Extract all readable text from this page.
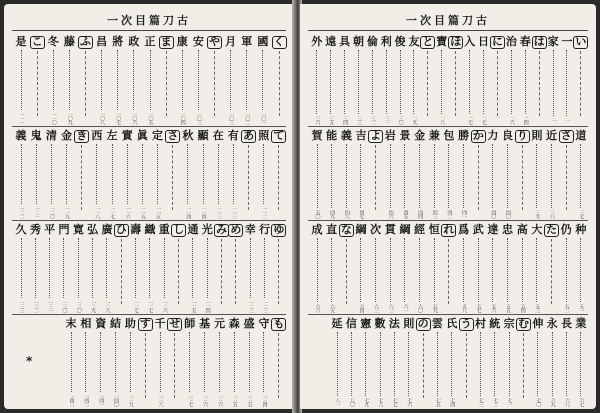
一次目篇刀古
く
國
一〇一
軍
一〇二
月
一〇三
や
安
一〇三
康
一〇四
ま
正
一〇五
政
一〇六
將
一〇七
昌
一〇八
ふ
藤
一〇九
冬
一一〇
こ
是
一一一
て
照
一一二
あ
有
一一三
在
一一三
顯
一一四
秋
一一四
さ
定
一一五
眞
一一五
實
一一六
左
一一七
西
一一八
き
金
一一九
清
一二〇
鬼
一二一
義
一二二
ゆ
行
一二三
幸
一二三
め
み
光
一二四
通
一二五
し
重
一二六
織
一二七
壽
一二七
ひ
廣
一二八
弘
一二九
寛
一三〇
門
一三〇
平
一三一
秀
一三二
久
一三三
も
守
一三四
盛
一三五
森
一三五
元
一三六
基
一三六
師
一三七
せ
千
一三八
す
助
一三九
結
一四〇
資
一四一
相
一四二
末
一四三
*
一次目篇刀古
い
一
一
家
一
は
春
二四
治
二六
に
日
二七
入
二七
ほ
寶
二八
と
友
二九
俊
三〇
利
三一
倫
三二
朝
三三
具
三四
遠
三五
外
三六
道
三七
さ
近
三八
則
三九
り
良
四〇
力
四〇
か
勝
四一
包
四二
兼
四三
金
四四
景
四五
岩
四六
よ
吉
四七
義
四八
能
四九
賀
五〇
种
五一
仍
五二
た
大
五三
高
五四
忠
五五
達
五六
武
五七
爲
五八
れ
恒
五九
經
六〇
綱
六一
貫
六二
次
六三
綱
六四
な
直
六五
成
六六
業
六七
長
六八
永
六九
伸
七〇
む
宗
七一
統
七二
村
七三
う
氏
七四
雲
七五
の
則
七六
法
七七
數
七八
憲
七九
信
八〇
延
八一
